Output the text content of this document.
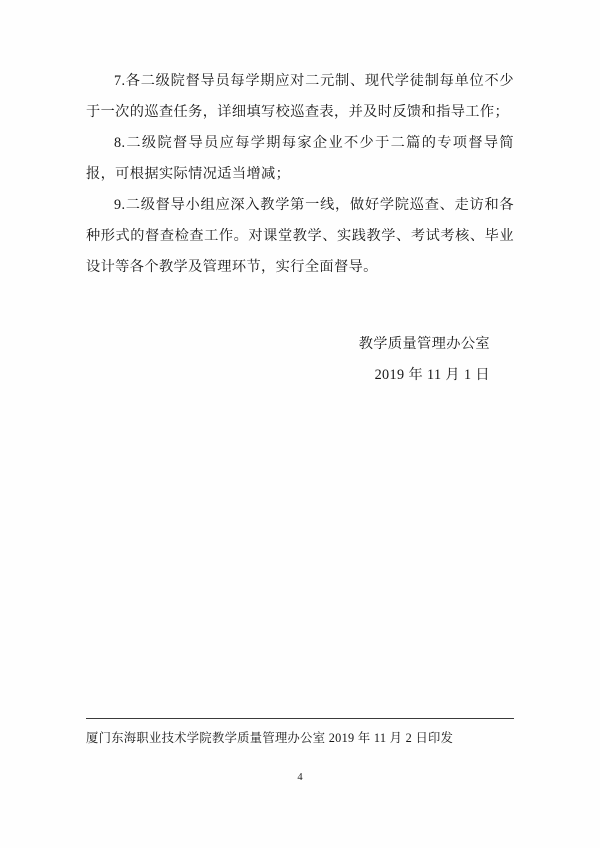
7.各二级院督导员每学期应对二元制、现代学徒制每单位不少于一次的巡查任务，详细填写校巡查表，并及时反馈和指导工作；

8.二级院督导员应每学期每家企业不少于二篇的专项督导简报，可根据实际情况适当增减；

9.二级督导小组应深入教学第一线，做好学院巡查、走访和各种形式的督查检查工作。对课堂教学、实践教学、考试考核、毕业设计等各个教学及管理环节，实行全面督导。

教学质量管理办公室
2019 年 11 月 1 日
厦门东海职业技术学院教学质量管理办公室 2019 年 11 月 2 日印发
4
